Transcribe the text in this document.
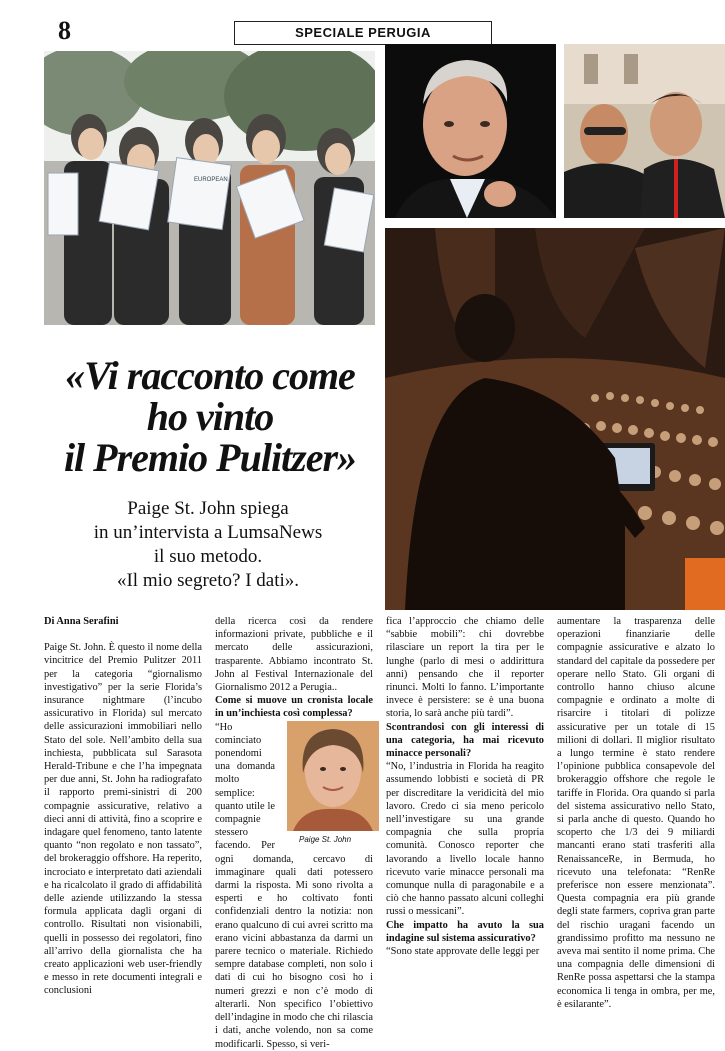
8	SPECIALE PERUGIA
EUROPEAN
«Vi racconto come
ho vinto
il Premio Pulitzer»
Paige St. John spiega
in un’intervista a LumsaNews
il suo metodo.
«Il mio segreto? I dati».

Di Anna Serafini

Paige St. John. È questo il nome della vincitrice del Premio Pulitzer 2011 per la categoria “giornalismo investigativo” per la serie Florida’s insurance nightmare (l’incubo assicurativo in Florida) sul mercato delle assicurazioni immobiliari nello Stato del sole. Nell’ambito della sua inchiesta, pubblicata sul Sarasota Herald-Tribune e che l’ha impegnata per due anni, St. John ha radiografato il rapporto premi-sinistri di 200 compagnie assicurative, relativo a dieci anni di attività, fino a scoprire e indagare quel fenomeno, tanto latente quanto “non regolato e non tassato”, del brokeraggio offshore. Ha reperito, incrociato e interpretato dati aziendali e ha ricalcolato il grado di affidabilità delle aziende utilizzando la stessa formula applicata dagli organi di controllo. Risultati non visionabili, quelli in possesso dei regolatori, fino all’arrivo della giornalista che ha creato applicazioni web user-friendly e messo in rete documenti integrali e conclusioni

della ricerca così da rendere informazioni private, pubbliche e il mercato delle assicurazioni, trasparente. Abbiamo incontrato St. John al Festival Internazionale del Giornalismo 2012 a Perugia..

Come si muove un cronista locale in un’inchiesta così complessa?

Paige St. John

“Ho cominciato ponendomi una domanda molto semplice: quanto utile le compagnie stessero facendo. Per ogni domanda, cercavo di immaginare quali dati potessero darmi la risposta. Mi sono rivolta a esperti e ho coltivato fonti confidenziali dentro la notizia: non erano qualcuno di cui avrei scritto ma erano vicini abbastanza da darmi un parere tecnico o materiale. Richiedo sempre database completi, non solo i dati di cui ho bisogno così ho i numeri grezzi e non c’è modo di alterarli. Non specifico l’obiettivo dell’indagine in modo che chi rilascia i dati, anche volendo, non sa come modificarli. Spesso, si veri-

fica l’approccio che chiamo delle “sabbie mobili”: chi dovrebbe rilasciare un report la tira per le lunghe (parlo di mesi o addirittura anni) pensando che il reporter rinunci. Molti lo fanno. L’importante invece è persistere: se è una buona storia, lo sarà anche più tardi”.

Scontrandosi con gli interessi di una categoria, ha mai ricevuto minacce personali?

“No, l’industria in Florida ha reagito assumendo lobbisti e società di PR per discreditare la veridicità del mio lavoro. Credo ci sia meno pericolo nell’investigare su una grande compagnia che sulla propria comunità. Conosco reporter che lavorando a livello locale hanno ricevuto varie minacce personali ma comunque nulla di paragonabile e a ciò che hanno passato alcuni colleghi russi o messicani”.

Che impatto ha avuto la sua indagine sul sistema assicurativo?

“Sono state approvate delle leggi per

aumentare la trasparenza delle operazioni finanziarie delle compagnie assicurative e alzato lo standard del capitale da possedere per operare nello Stato. Gli organi di controllo hanno chiuso alcune compagnie e ordinato a molte di risarcire i titolari di polizze assicurative per un totale di 15 milioni di dollari. Il miglior risultato a lungo termine è stato rendere l’opinione pubblica consapevole del brokeraggio offshore che regole le tariffe in Florida. Ora quando si parla del sistema assicurativo nello Stato, si parla anche di questo. Quando ho scoperto che 1/3 dei 9 miliardi mancanti erano stati trasferiti alla RenaissanceRe, in Bermuda, ho ricevuto una telefonata: “RenRe preferisce non essere menzionata”. Questa compagnia era più grande degli state farmers, copriva gran parte del rischio uragani facendo un grandissimo profitto ma nessuno ne aveva mai sentito il nome prima. Che una compagnia delle dimensioni di RenRe possa aspettarsi che la stampa economica li tenga in ombra, per me, è esilarante”.
